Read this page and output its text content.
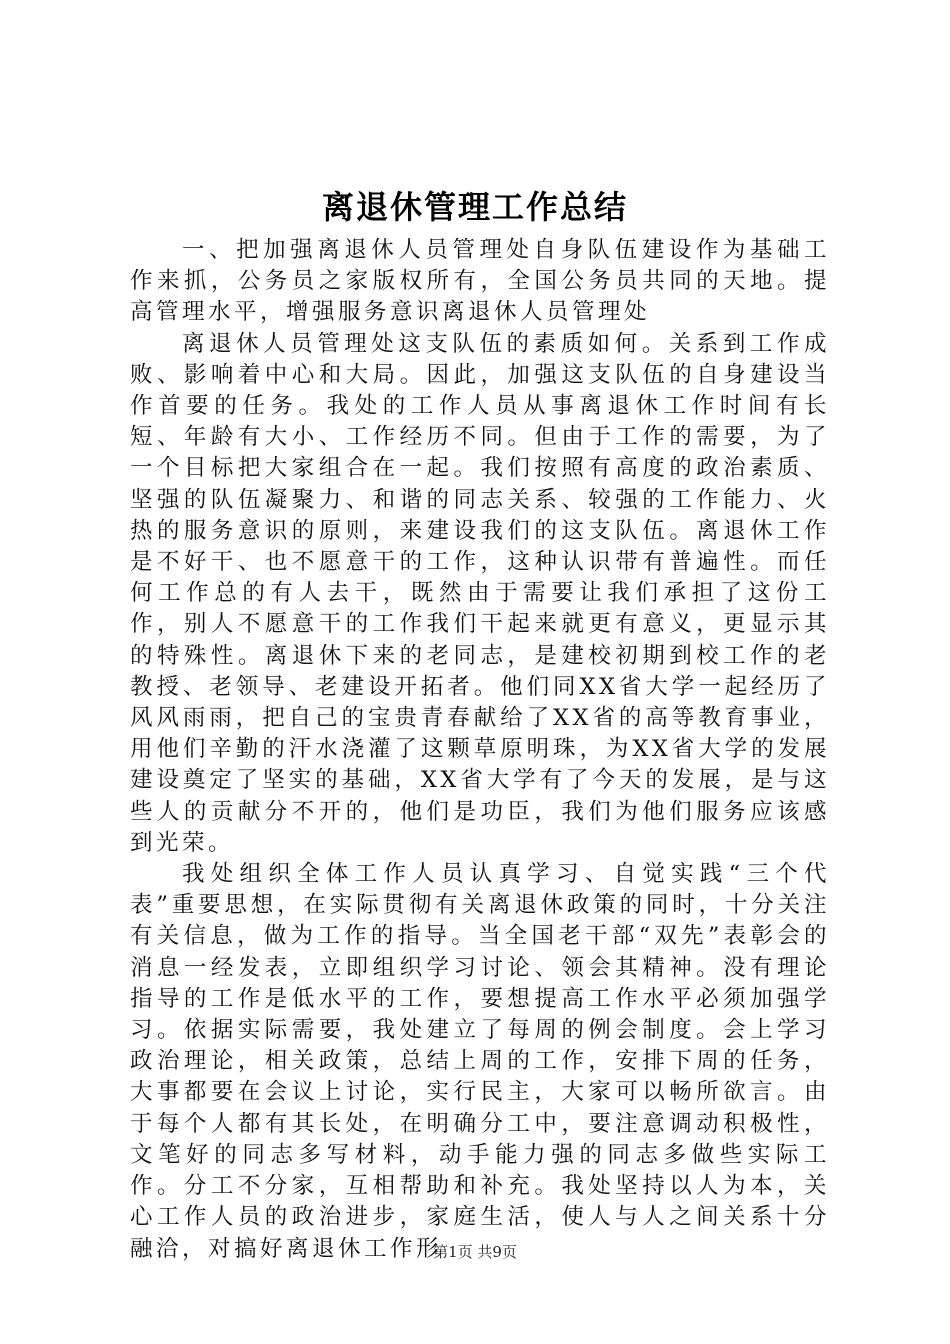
离退休管理工作总结

一、把加强离退休人员管理处自身队伍建设作为基础工作来抓，公务员之家版权所有，全国公务员共同的天地。提高管理水平，增强服务意识离退休人员管理处

离退休人员管理处这支队伍的素质如何。关系到工作成败、影响着中心和大局。因此，加强这支队伍的自身建设当作首要的任务。我处的工作人员从事离退休工作时间有长短、年龄有大小、工作经历不同。但由于工作的需要，为了一个目标把大家组合在一起。我们按照有高度的政治素质、坚强的队伍凝聚力、和谐的同志关系、较强的工作能力、火热的服务意识的原则，来建设我们的这支队伍。离退休工作是不好干、也不愿意干的工作，这种认识带有普遍性。而任何工作总的有人去干，既然由于需要让我们承担了这份工作，别人不愿意干的工作我们干起来就更有意义，更显示其的特殊性。离退休下来的老同志，是建校初期到校工作的老教授、老领导、老建设开拓者。他们同XX省大学一起经历了风风雨雨，把自己的宝贵青春献给了XX省的高等教育事业，用他们辛勤的汗水浇灌了这颗草原明珠，为XX省大学的发展建设奠定了坚实的基础，XX省大学有了今天的发展，是与这些人的贡献分不开的，他们是功臣，我们为他们服务应该感到光荣。

我处组织全体工作人员认真学习、自觉实践“三个代表”重要思想，在实际贯彻有关离退休政策的同时，十分关注有关信息，做为工作的指导。当全国老干部“双先”表彰会的消息一经发表，立即组织学习讨论、领会其精神。没有理论指导的工作是低水平的工作，要想提高工作水平必须加强学习。依据实际需要，我处建立了每周的例会制度。会上学习政治理论，相关政策，总结上周的工作，安排下周的任务，大事都要在会议上讨论，实行民主，大家可以畅所欲言。由于每个人都有其长处，在明确分工中，要注意调动积极性，文笔好的同志多写材料，动手能力强的同志多做些实际工作。分工不分家，互相帮助和补充。我处坚持以人为本，关心工作人员的政治进步，家庭生活，使人与人之间关系十分融洽，对搞好离退休工作形

第1页 共9页
